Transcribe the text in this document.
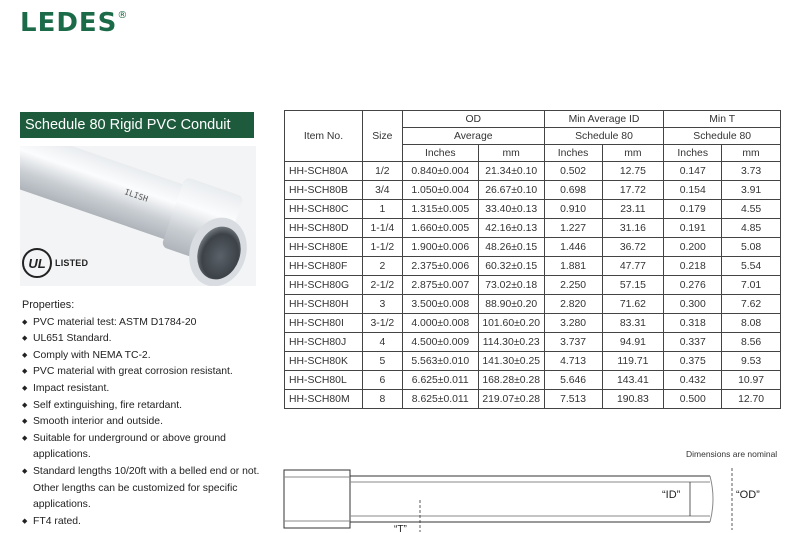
LEDES®
Schedule 80 Rigid PVC Conduit
ILISH
UL	LISTED
Properties:
◆ PVC material test: ASTM D1784-20
◆ UL651 Standard.
◆ Comply with NEMA TC-2.
◆ PVC material with great corrosion resistant.
◆ Impact resistant.
◆ Self extinguishing, fire retardant.
◆ Smooth interior and outside.
◆ Suitable for underground or above ground applications.
◆ Standard lengths 10/20ft with a belled end or not. Other lengths can be customized for specific applications.
◆ FT4 rated.
Item No.	Size	OD		Min Average ID		Min T	
		Average		Schedule 80		Schedule 80	
		Inches	mm	Inches	mm	Inches	mm
HH-SCH80A	1/2	0.840±0.004	21.34±0.10	0.502	12.75	0.147	3.73
HH-SCH80B	3/4	1.050±0.004	26.67±0.10	0.698	17.72	0.154	3.91
HH-SCH80C	1	1.315±0.005	33.40±0.13	0.910	23.11	0.179	4.55
HH-SCH80D	1-1/4	1.660±0.005	42.16±0.13	1.227	31.16	0.191	4.85
HH-SCH80E	1-1/2	1.900±0.006	48.26±0.15	1.446	36.72	0.200	5.08
HH-SCH80F	2	2.375±0.006	60.32±0.15	1.881	47.77	0.218	5.54
HH-SCH80G	2-1/2	2.875±0.007	73.02±0.18	2.250	57.15	0.276	7.01
HH-SCH80H	3	3.500±0.008	88.90±0.20	2.820	71.62	0.300	7.62
HH-SCH80I	3-1/2	4.000±0.008	101.60±0.20	3.280	83.31	0.318	8.08
HH-SCH80J	4	4.500±0.009	114.30±0.23	3.737	94.91	0.337	8.56
HH-SCH80K	5	5.563±0.010	141.30±0.25	4.713	119.71	0.375	9.53
HH-SCH80L	6	6.625±0.011	168.28±0.28	5.646	143.41	0.432	10.97
HH-SCH80M	8	8.625±0.011	219.07±0.28	7.513	190.83	0.500	12.70
Dimensions are nominal
“ID”	“OD”
“T”
